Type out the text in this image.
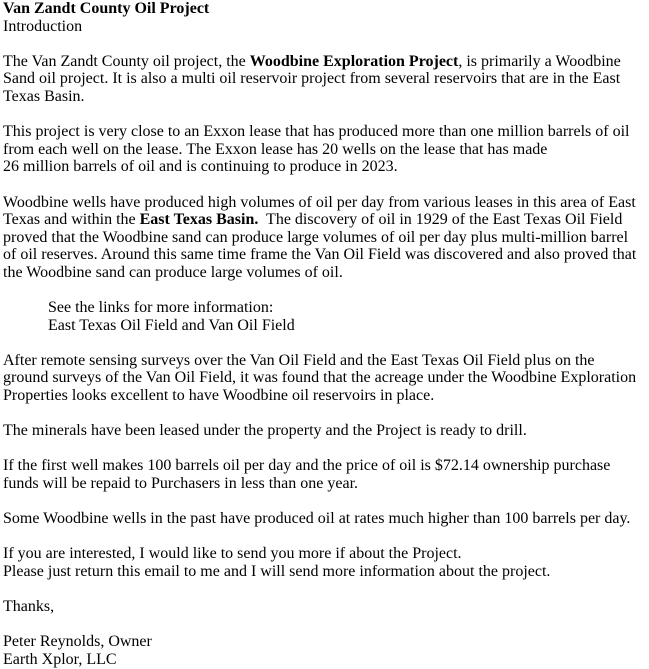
Van Zandt County Oil Project

Introduction

The Van Zandt County oil project, the Woodbine Exploration Project, is primarily a Woodbine Sand oil project. It is also a multi oil reservoir project from several reservoirs that are in the East Texas Basin.

This project is very close to an Exxon lease that has produced more than one million barrels of oil from each well on the lease. The Exxon lease has 20 wells on the lease that has made
26 million barrels of oil and is continuing to produce in 2023.

Woodbine wells have produced high volumes of oil per day from various leases in this area of East Texas and within the East Texas Basin.  The discovery of oil in 1929 of the East Texas Oil Field proved that the Woodbine sand can produce large volumes of oil per day plus multi-million barrel of oil reserves. Around this same time frame the Van Oil Field was discovered and also proved that the Woodbine sand can produce large volumes of oil.

See the links for more information:
East Texas Oil Field and Van Oil Field

After remote sensing surveys over the Van Oil Field and the East Texas Oil Field plus on the ground surveys of the Van Oil Field, it was found that the acreage under the Woodbine Exploration Properties looks excellent to have Woodbine oil reservoirs in place.

The minerals have been leased under the property and the Project is ready to drill.

If the first well makes 100 barrels oil per day and the price of oil is $72.14 ownership purchase funds will be repaid to Purchasers in less than one year.

Some Woodbine wells in the past have produced oil at rates much higher than 100 barrels per day.

If you are interested, I would like to send you more if about the Project.
Please just return this email to me and I will send more information about the project.

Thanks,

Peter Reynolds, Owner

Earth Xplor, LLC
